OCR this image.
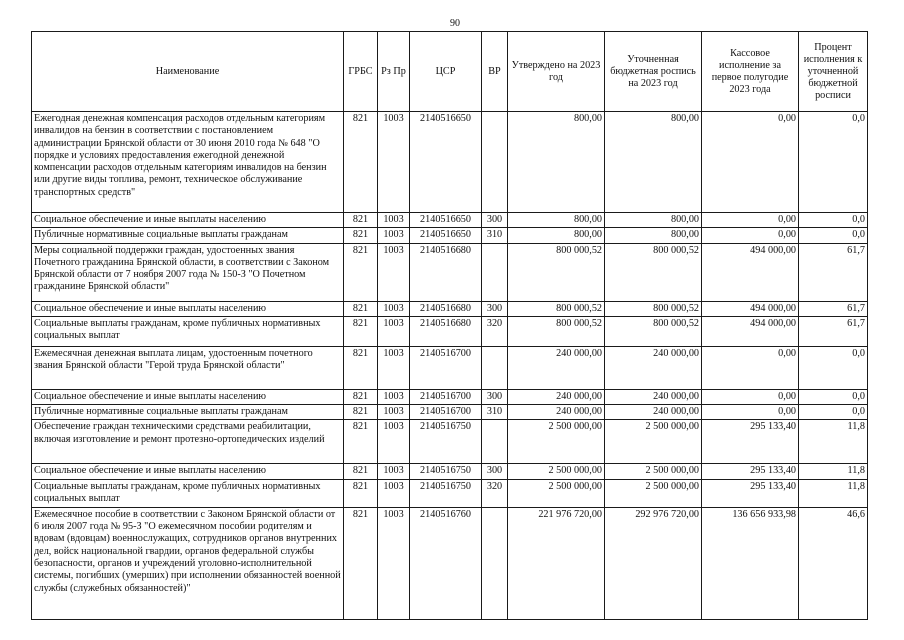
90
Наименование	ГРБС	Рз Пр	ЦСР	ВР	Утверждено на 2023 год	Уточненная бюджетная роспись на 2023 год	Кассовое исполнение за первое полугодие 2023 года	Процент исполнения к уточненной бюджетной росписи
Ежегодная денежная компенсация расходов отдельным категориям инвалидов на бензин в соответствии с постановлением администрации Брянской области от 30 июня 2010 года № 648 "О порядке и условиях предоставления ежегодной денежной компенсации расходов отдельным категориям инвалидов на бензин или другие виды топлива, ремонт, техническое обслуживание транспортных средств"	821	1003	2140516650		800,00	800,00	0,00	0,0
Социальное обеспечение и иные выплаты населению	821	1003	2140516650	300	800,00	800,00	0,00	0,0
Публичные нормативные социальные выплаты гражданам	821	1003	2140516650	310	800,00	800,00	0,00	0,0
Меры социальной поддержки граждан, удостоенных звания Почетного гражданина Брянской области, в соответствии с Законом Брянской области от 7 ноября 2007 года № 150-З "О Почетном гражданине Брянской области"	821	1003	2140516680		800 000,52	800 000,52	494 000,00	61,7
Социальное обеспечение и иные выплаты населению	821	1003	2140516680	300	800 000,52	800 000,52	494 000,00	61,7
Социальные выплаты гражданам, кроме публичных нормативных социальных выплат	821	1003	2140516680	320	800 000,52	800 000,52	494 000,00	61,7
Ежемесячная денежная выплата лицам, удостоенным почетного звания Брянской области "Герой труда Брянской области"	821	1003	2140516700		240 000,00	240 000,00	0,00	0,0
Социальное обеспечение и иные выплаты населению	821	1003	2140516700	300	240 000,00	240 000,00	0,00	0,0
Публичные нормативные социальные выплаты гражданам	821	1003	2140516700	310	240 000,00	240 000,00	0,00	0,0
Обеспечение граждан техническими средствами реабилитации, включая изготовление и ремонт протезно-ортопедических изделий	821	1003	2140516750		2 500 000,00	2 500 000,00	295 133,40	11,8
Социальное обеспечение и иные выплаты населению	821	1003	2140516750	300	2 500 000,00	2 500 000,00	295 133,40	11,8
Социальные выплаты гражданам, кроме публичных нормативных социальных выплат	821	1003	2140516750	320	2 500 000,00	2 500 000,00	295 133,40	11,8
Ежемесячное пособие в соответствии с Законом Брянской области от 6 июля 2007 года № 95-З "О ежемесячном пособии родителям и вдовам (вдовцам) военнослужащих, сотрудников органов внутренних дел, войск национальной гвардии, органов федеральной службы безопасности, органов и учреждений уголовно-исполнительной системы, погибших (умерших) при исполнении обязанностей военной службы (служебных обязанностей)"	821	1003	2140516760		221 976 720,00	292 976 720,00	136 656 933,98	46,6
